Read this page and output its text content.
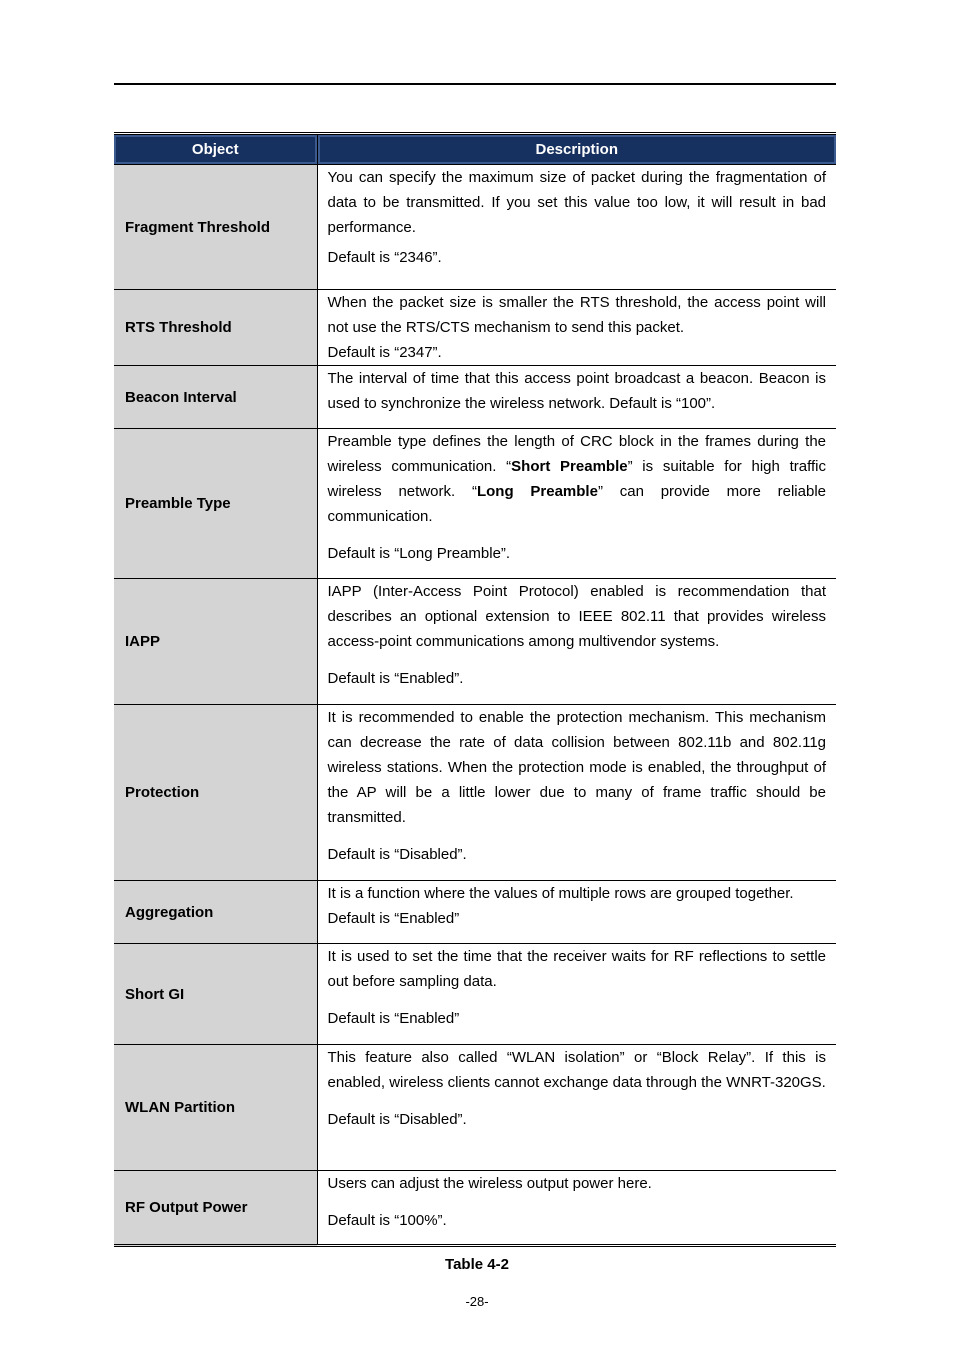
Object	Description
Fragment Threshold	You can specify the maximum size of packet during the fragmentation of data to be transmitted. If you set this value too low, it will result in bad performance.

Default is “2346”.

RTS Threshold	When the packet size is smaller the RTS threshold, the access point will not use the RTS/CTS mechanism to send this packet.

Default is “2347”.

Beacon Interval	The interval of time that this access point broadcast a beacon. Beacon is used to synchronize the wireless network. Default is “100”.

Preamble Type	Preamble type defines the length of CRC block in the frames during the wireless communication. “Short Preamble” is suitable for high traffic wireless network. “Long Preamble” can provide more reliable communication.

Default is “Long Preamble”.

IAPP	IAPP (Inter-Access Point Protocol) enabled is recommendation that describes an optional extension to IEEE 802.11 that provides wireless access-point communications among multivendor systems.

Default is “Enabled”.

Protection	It is recommended to enable the protection mechanism. This mechanism can decrease the rate of data collision between 802.11b and 802.11g wireless stations. When the protection mode is enabled, the throughput of the AP will be a little lower due to many of frame traffic should be transmitted.

Default is “Disabled”.

Aggregation	It is a function where the values of multiple rows are grouped together.

Default is “Enabled”

Short GI	It is used to set the time that the receiver waits for RF reflections to settle out before sampling data.

Default is “Enabled”

WLAN Partition	This feature also called “WLAN isolation” or “Block Relay”. If this is enabled, wireless clients cannot exchange data through the WNRT-320GS.

Default is “Disabled”.

RF Output Power	Users can adjust the wireless output power here.

Default is “100%”.

Table 4-2
-28-
